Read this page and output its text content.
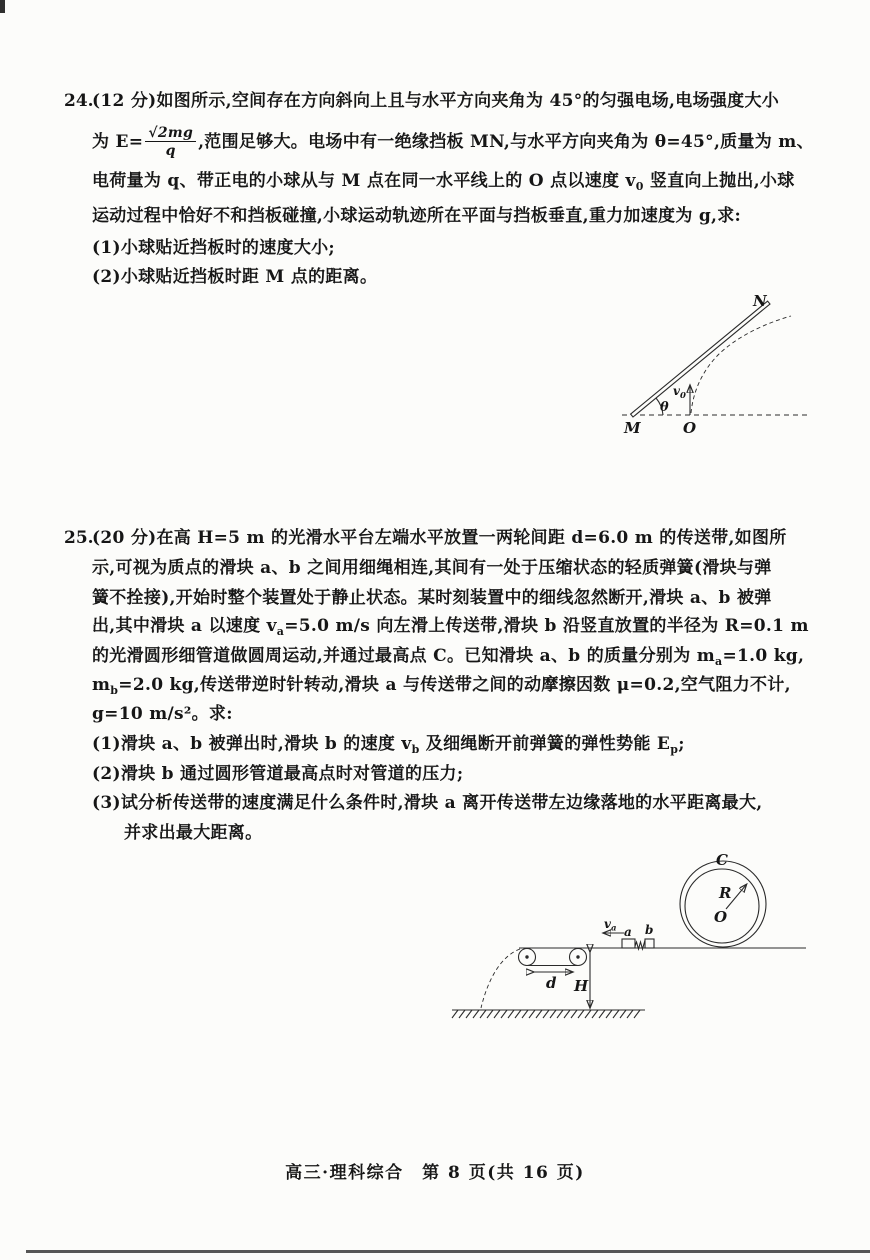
24.
(12 分)如图所示,空间存在方向斜向上且与水平方向夹角为 45°的匀强电场,电场强度大小
为 $E= \frac{√2mg}{q}$ ,范围足够大。电场中有一绝缘挡板 MN,与水平方向夹角为 θ=45°,质量为 m、
电荷量为 q、带正电的小球从与 M 点在同一水平线上的 O 点以速度 $v_0$ 竖直向上抛出,小球
运动过程中恰好不和挡板碰撞,小球运动轨迹所在平面与挡板垂直,重力加速度为 g,求:
(1)小球贴近挡板时的速度大小;
(2)小球贴近挡板时距 M 点的距离。
N
M	O
θ
$v_0$
25.
(20 分)在高 H=5 m 的光滑水平台左端水平放置一两轮间距 d=6.0 m 的传送带,如图所
示,可视为质点的滑块 a、b 之间用细绳相连,其间有一处于压缩状态的轻质弹簧(滑块与弹
簧不拴接),开始时整个装置处于静止状态。某时刻装置中的细线忽然断开,滑块 a、b 被弹
出,其中滑块 a 以速度 $v_a=5.0$ m/s 向左滑上传送带,滑块 b 沿竖直放置的半径为 R=0.1 m
的光滑圆形细管道做圆周运动,并通过最高点 C。已知滑块 a、b 的质量分别为 $m_a=1.0$ kg,
$m_b=2.0$ kg,传送带逆时针转动,滑块 a 与传送带之间的动摩擦因数 μ=0.2,空气阻力不计,
g=10 m/s²。求:
(1)滑块 a、b 被弹出时,滑块 b 的速度 $v_b$ 及细绳断开前弹簧的弹性势能 $E_p$;
(2)滑块 b 通过圆形管道最高点时对管道的压力;
(3)试分析传送带的速度满足什么条件时,滑块 a 离开传送带左边缘落地的水平距离最大,
并求出最大距离。
d H
a b
$v_a$
C
R
O
高三·理科综合　第 8 页(共 16 页)
